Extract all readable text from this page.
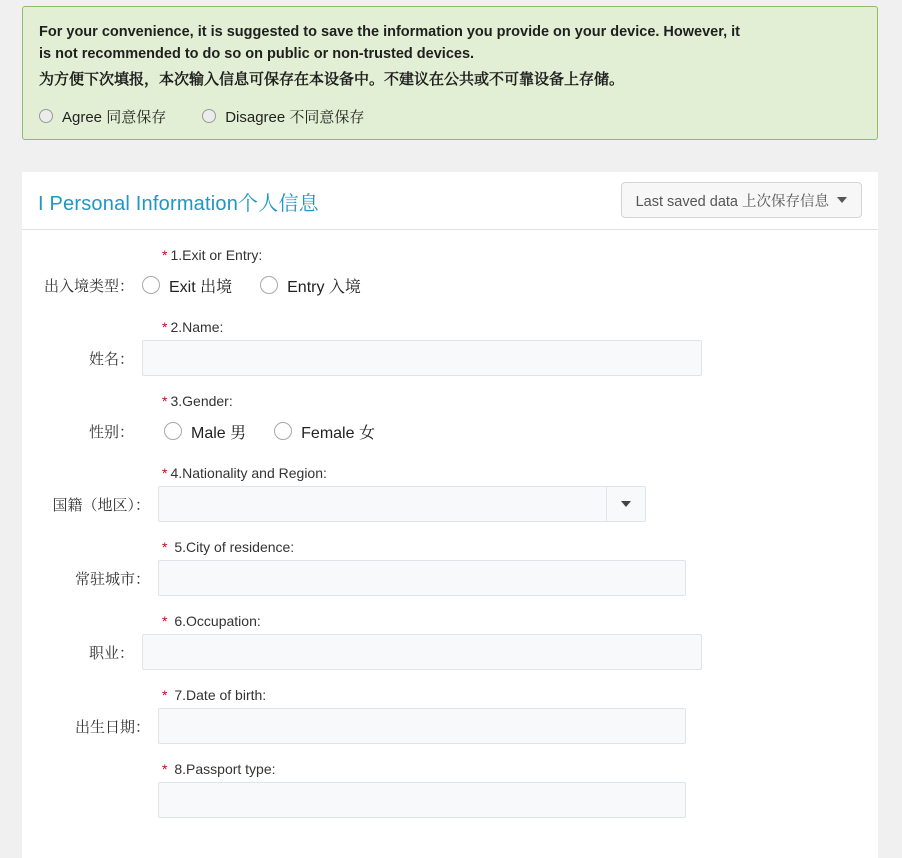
For your convenience, it is suggested to save the information you provide on your device. However, it
is not recommended to do so on public or non-trusted devices.
为方便下次填报，本次输入信息可保存在本设备中。不建议在公共或不可靠设备上存储。
Agree 同意保存	Disagree 不同意保存
I Personal Information个人信息	Last saved data 上次保存信息
* 1.Exit or Entry:
出入境类型：	Exit 出境	Entry 入境
* 2.Name:
姓名：
* 3.Gender:
性别：	Male 男	Female 女
* 4.Nationality and Region:
国籍（地区）：
* 5.City of residence:
常驻城市：
* 6.Occupation:
职业：
* 7.Date of birth:
出生日期：
* 8.Passport type:
